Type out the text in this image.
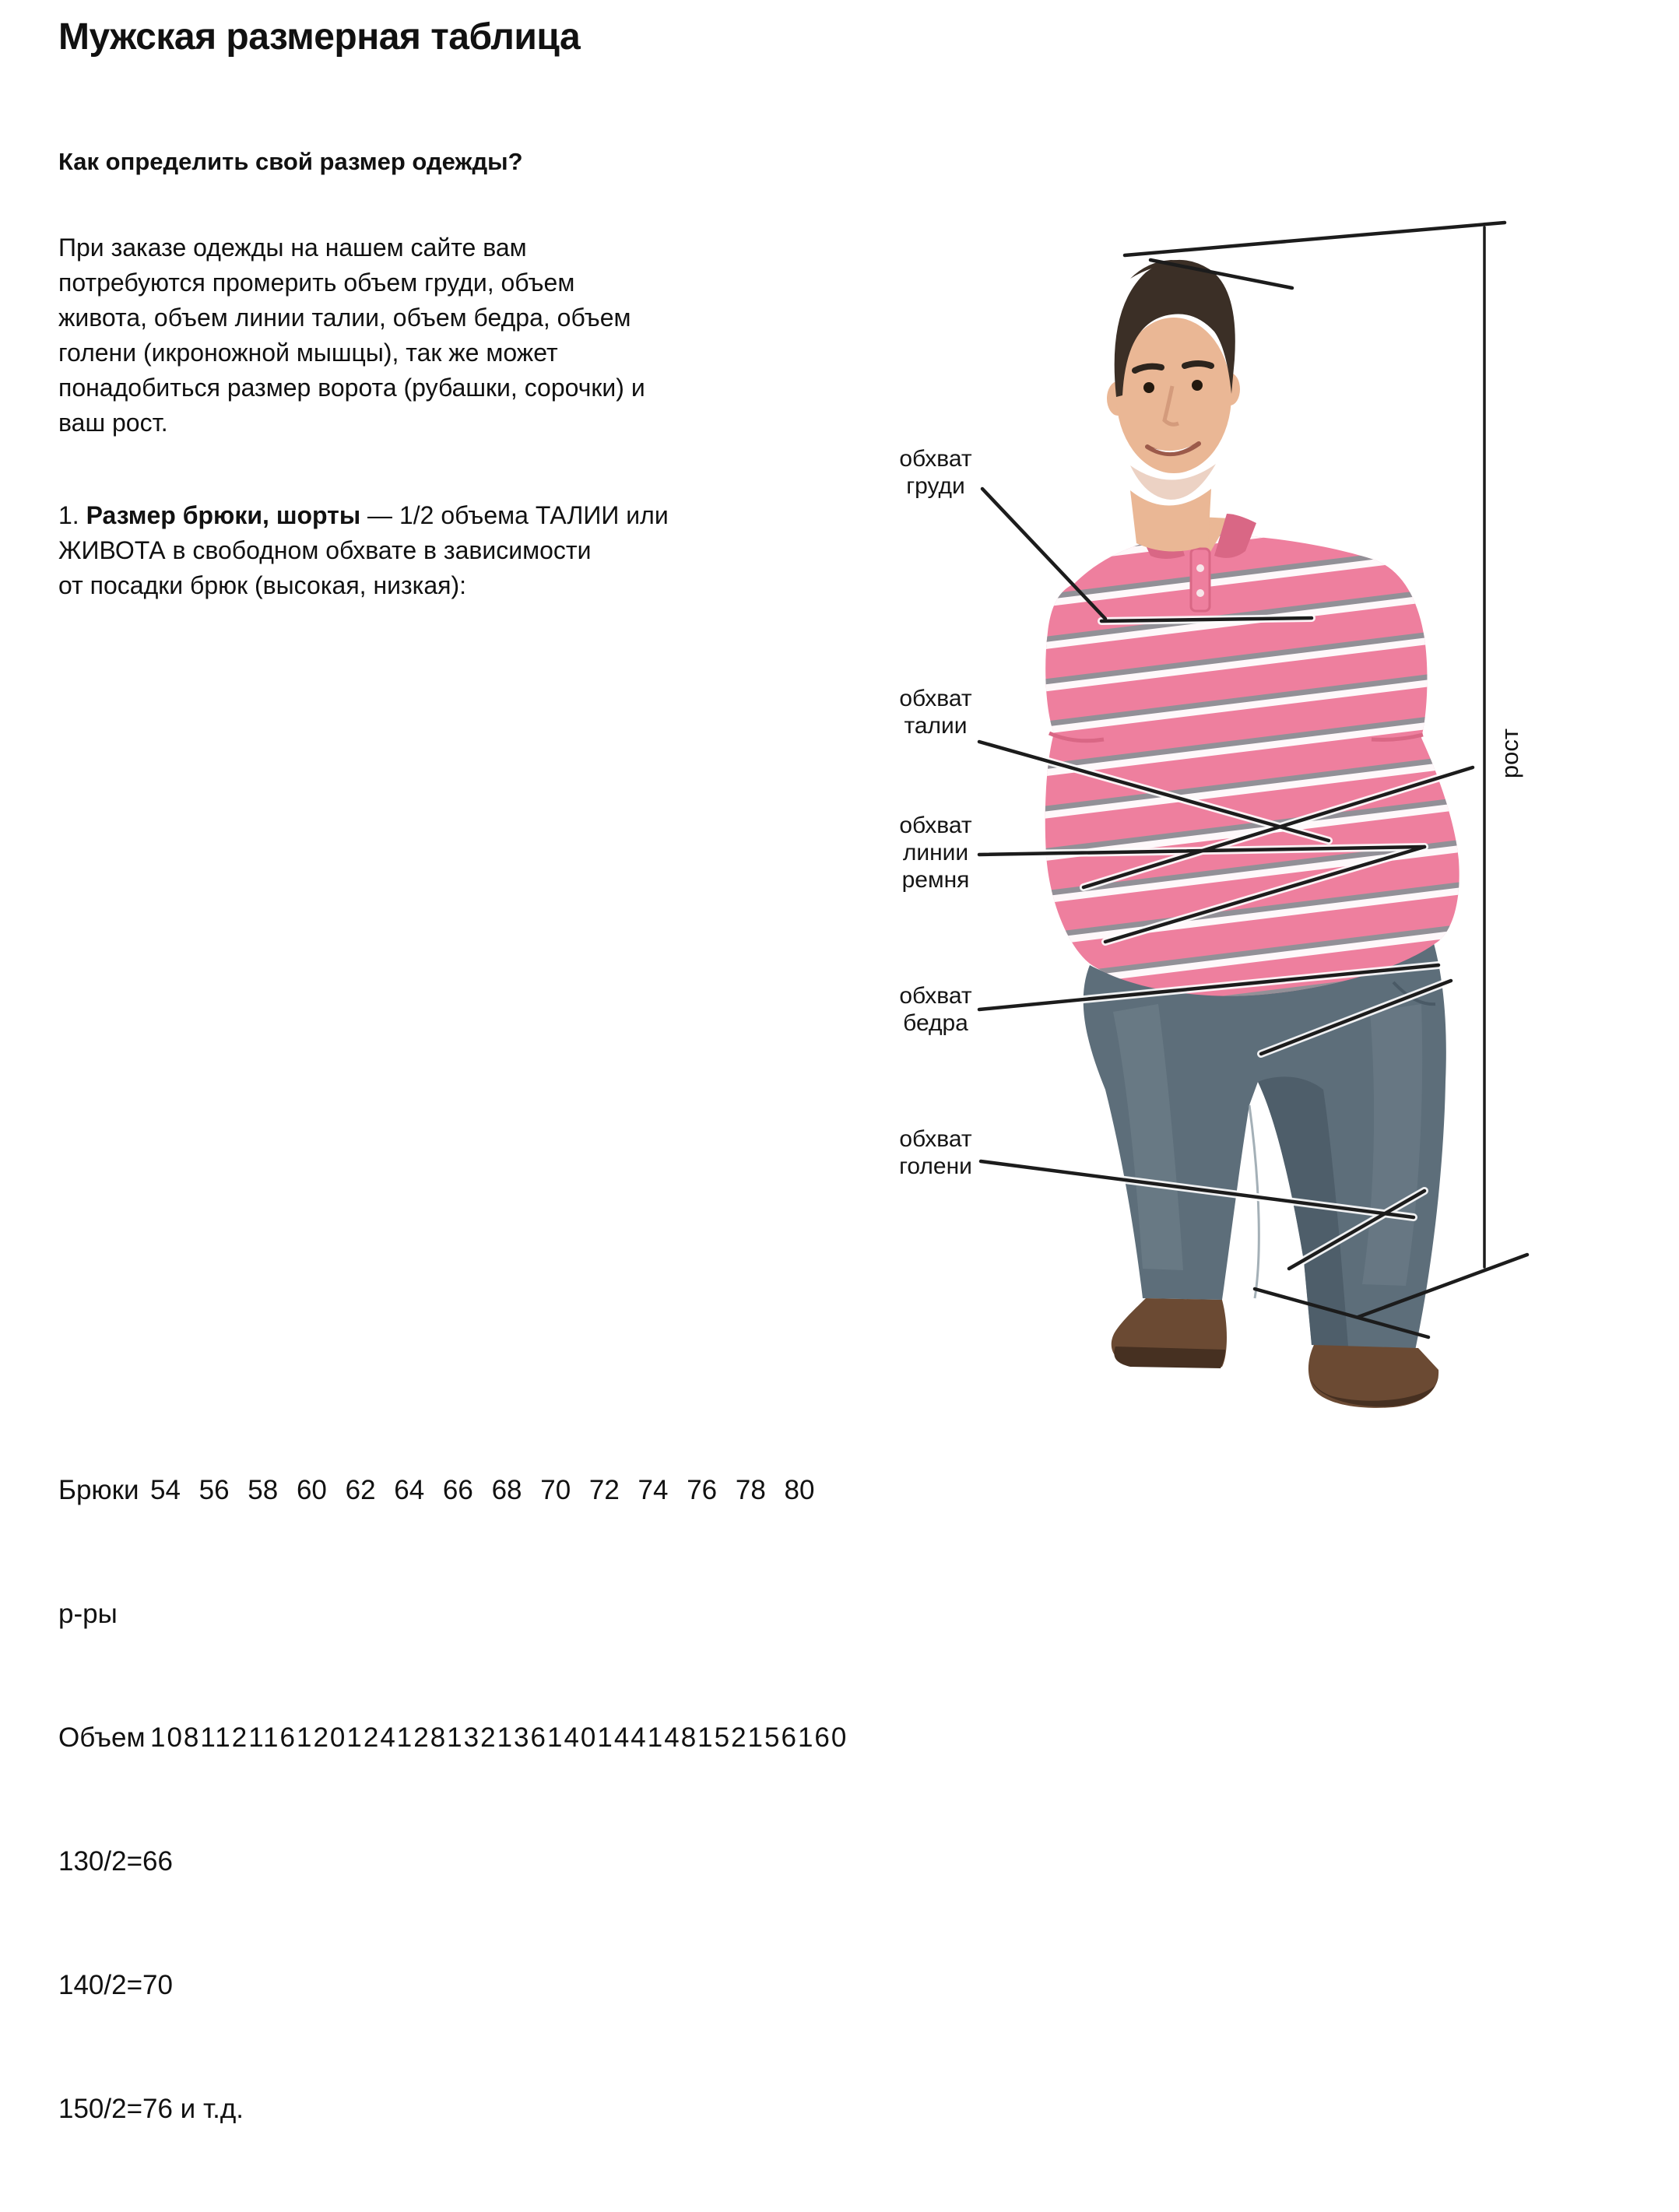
Мужская размерная таблица
Как определить свой размер одежды?
При заказе одежды на нашем сайте вам
потребуются промерить объем груди, объем
живота, объем линии талии, объем бедра, объем
голени (икроножной мышцы), так же может
понадобиться размер ворота (рубашки, сорочки) и
ваш рост.
1. Размер брюки, шорты — 1/2 объема ТАЛИИ или
ЖИВОТА в свободном обхвате в зависимости
от посадки брюк (высокая, низкая):
обхват
груди
обхват
талии
обхват
линии
ремня
обхват
бедра
обхват
голени
рост

Брюки 54 56 58 60 62 64 66 68 70 72 74 76 78 80

р-ры

Объем 108112116120124128132136140144148152156160

130/2=66

140/2=70

150/2=76 и т.д.
